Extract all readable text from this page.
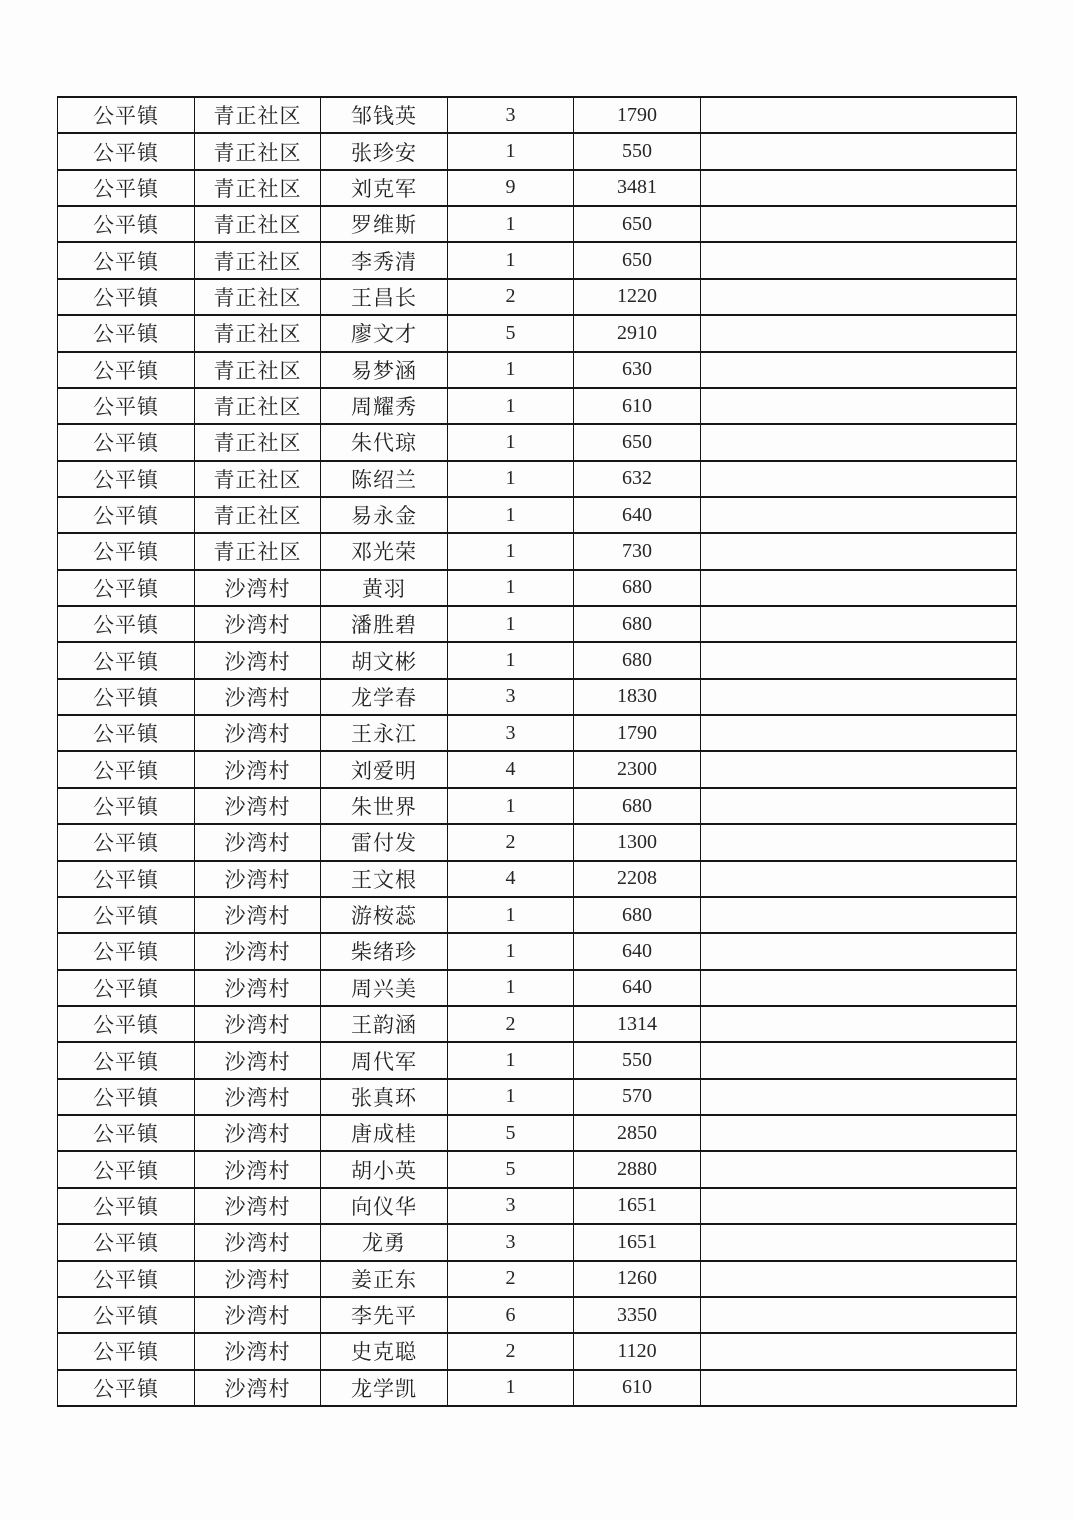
公平镇	青正社区	邹钱英	3	1790	
公平镇	青正社区	张珍安	1	550	
公平镇	青正社区	刘克军	9	3481	
公平镇	青正社区	罗维斯	1	650	
公平镇	青正社区	李秀清	1	650	
公平镇	青正社区	王昌长	2	1220	
公平镇	青正社区	廖文才	5	2910	
公平镇	青正社区	易梦涵	1	630	
公平镇	青正社区	周耀秀	1	610	
公平镇	青正社区	朱代琼	1	650	
公平镇	青正社区	陈绍兰	1	632	
公平镇	青正社区	易永金	1	640	
公平镇	青正社区	邓光荣	1	730	
公平镇	沙湾村	黄羽	1	680	
公平镇	沙湾村	潘胜碧	1	680	
公平镇	沙湾村	胡文彬	1	680	
公平镇	沙湾村	龙学春	3	1830	
公平镇	沙湾村	王永江	3	1790	
公平镇	沙湾村	刘爱明	4	2300	
公平镇	沙湾村	朱世界	1	680	
公平镇	沙湾村	雷付发	2	1300	
公平镇	沙湾村	王文根	4	2208	
公平镇	沙湾村	游桉蕊	1	680	
公平镇	沙湾村	柴绪珍	1	640	
公平镇	沙湾村	周兴美	1	640	
公平镇	沙湾村	王韵涵	2	1314	
公平镇	沙湾村	周代军	1	550	
公平镇	沙湾村	张真环	1	570	
公平镇	沙湾村	唐成桂	5	2850	
公平镇	沙湾村	胡小英	5	2880	
公平镇	沙湾村	向仪华	3	1651	
公平镇	沙湾村	龙勇	3	1651	
公平镇	沙湾村	姜正东	2	1260	
公平镇	沙湾村	李先平	6	3350	
公平镇	沙湾村	史克聪	2	1120	
公平镇	沙湾村	龙学凯	1	610	
